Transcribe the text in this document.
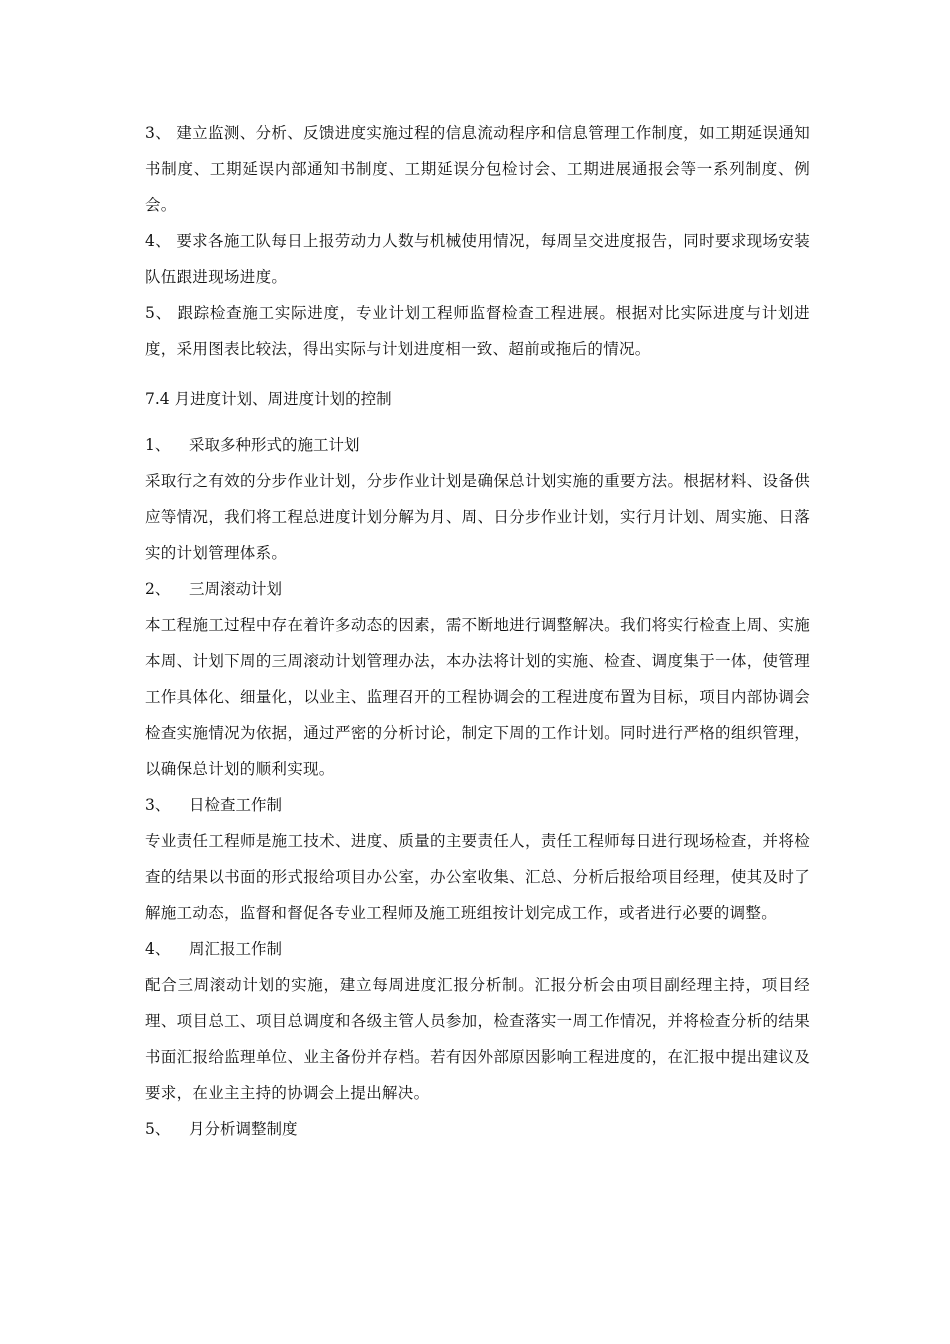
3、 建立监测、分析、反馈进度实施过程的信息流动程序和信息管理工作制度，如工期延误通知书制度、工期延误内部通知书制度、工期延误分包检讨会、工期进展通报会等一系列制度、例会。

4、 要求各施工队每日上报劳动力人数与机械使用情况，每周呈交进度报告，同时要求现场安装队伍跟进现场进度。

5、 跟踪检查施工实际进度，专业计划工程师监督检查工程进展。根据对比实际进度与计划进度，采用图表比较法，得出实际与计划进度相一致、超前或拖后的情况。

7.4 月进度计划、周进度计划的控制

1、 采取多种形式的施工计划

采取行之有效的分步作业计划，分步作业计划是确保总计划实施的重要方法。根据材料、设备供应等情况，我们将工程总进度计划分解为月、周、日分步作业计划，实行月计划、周实施、日落实的计划管理体系。

2、 三周滚动计划

本工程施工过程中存在着许多动态的因素，需不断地进行调整解决。我们将实行检查上周、实施本周、计划下周的三周滚动计划管理办法，本办法将计划的实施、检查、调度集于一体，使管理工作具体化、细量化，以业主、监理召开的工程协调会的工程进度布置为目标，项目内部协调会检查实施情况为依据，通过严密的分析讨论，制定下周的工作计划。同时进行严格的组织管理，以确保总计划的顺利实现。

3、 日检查工作制

专业责任工程师是施工技术、进度、质量的主要责任人，责任工程师每日进行现场检查，并将检查的结果以书面的形式报给项目办公室，办公室收集、汇总、分析后报给项目经理，使其及时了解施工动态，监督和督促各专业工程师及施工班组按计划完成工作，或者进行必要的调整。

4、 周汇报工作制

配合三周滚动计划的实施，建立每周进度汇报分析制。汇报分析会由项目副经理主持，项目经理、项目总工、项目总调度和各级主管人员参加，检查落实一周工作情况，并将检查分析的结果书面汇报给监理单位、业主备份并存档。若有因外部原因影响工程进度的，在汇报中提出建议及要求，在业主主持的协调会上提出解决。

5、 月分析调整制度
